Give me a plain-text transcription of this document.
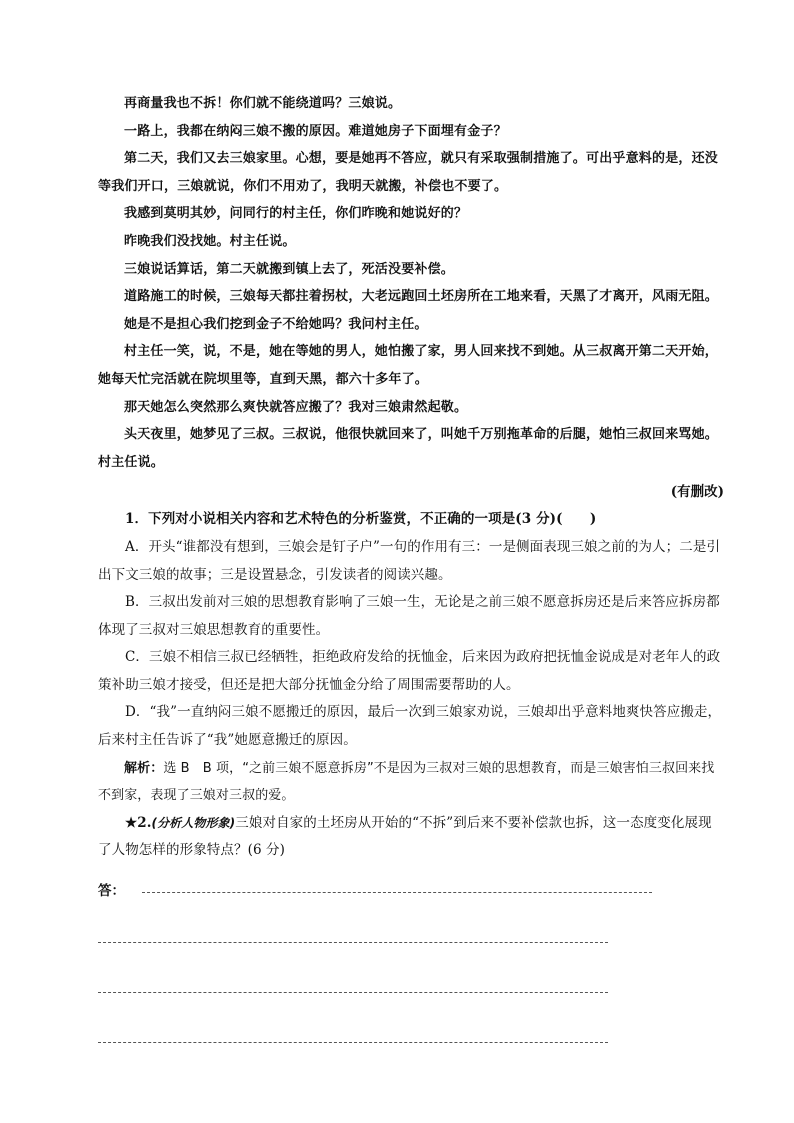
再商量我也不拆！你们就不能绕道吗？三娘说。

一路上，我都在纳闷三娘不搬的原因。难道她房子下面埋有金子？

第二天，我们又去三娘家里。心想，要是她再不答应，就只有采取强制措施了。可出乎意料的是，还没等我们开口，三娘就说，你们不用劝了，我明天就搬，补偿也不要了。

我感到莫明其妙，问同行的村主任，你们昨晚和她说好的？

昨晚我们没找她。村主任说。

三娘说话算话，第二天就搬到镇上去了，死活没要补偿。

道路施工的时候，三娘每天都拄着拐杖，大老远跑回土坯房所在工地来看，天黑了才离开，风雨无阻。

她是不是担心我们挖到金子不给她吗？我问村主任。

村主任一笑，说，不是，她在等她的男人，她怕搬了家，男人回来找不到她。从三叔离开第二天开始，她每天忙完活就在院坝里等，直到天黑，都六十多年了。

那天她怎么突然那么爽快就答应搬了？我对三娘肃然起敬。

头天夜里，她梦见了三叔。三叔说，他很快就回来了，叫她千万别拖革命的后腿，她怕三叔回来骂她。村主任说。

(有删改)

1．下列对小说相关内容和艺术特色的分析鉴赏，不正确的一项是(3 分)(　　)

A．开头“谁都没有想到，三娘会是钉子户”一句的作用有三：一是侧面表现三娘之前的为人；二是引出下文三娘的故事；三是设置悬念，引发读者的阅读兴趣。

B．三叔出发前对三娘的思想教育影响了三娘一生，无论是之前三娘不愿意拆房还是后来答应拆房都体现了三叔对三娘思想教育的重要性。

C．三娘不相信三叔已经牺牲，拒绝政府发给的抚恤金，后来因为政府把抚恤金说成是对老年人的政策补助三娘才接受，但还是把大部分抚恤金分给了周围需要帮助的人。

D．“我”一直纳闷三娘不愿搬迁的原因，最后一次到三娘家劝说，三娘却出乎意料地爽快答应搬走，后来村主任告诉了“我”她愿意搬迁的原因。

解析：选 B　B 项，“之前三娘不愿意拆房”不是因为三叔对三娘的思想教育，而是三娘害怕三叔回来找不到家，表现了三娘对三叔的爱。

★2.(分析人物形象)三娘对自家的土坯房从开始的“不拆”到后来不要补偿款也拆，这一态度变化展现了人物怎样的形象特点？(6 分)

答：
